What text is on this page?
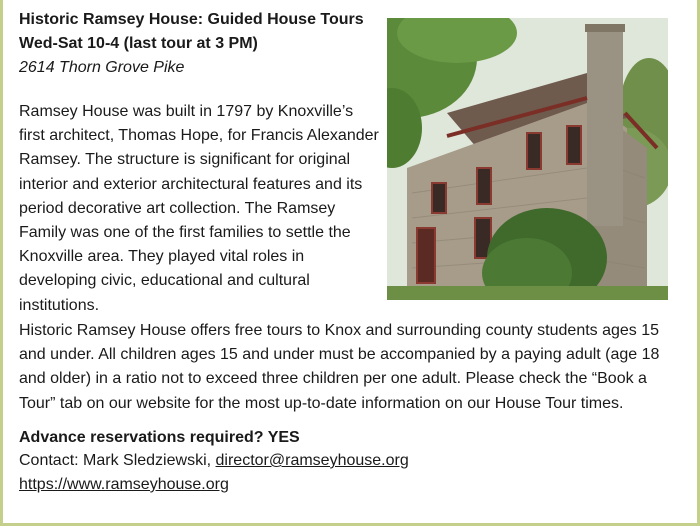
Historic Ramsey House: Guided House Tours
Wed-Sat 10-4 (last tour at 3 PM)
2614 Thorn Grove Pike

Ramsey House was built in 1797 by Knoxville’s first architect, Thomas Hope, for Francis Alexander Ramsey. The structure is significant for original interior and exterior architectural features and its period decorative art collection. The Ramsey Family was one of the first families to settle the Knoxville area. They played vital roles in developing civic, educational and cultural institutions.

Historic Ramsey House offers free tours to Knox and surrounding county students ages 15 and under. All children ages 15 and under must be accompanied by a paying adult (age 18 and older) in a ratio not to exceed three children per one adult. Please check the “Book a Tour” tab on our website for the most up-to-date information on our House Tour times.

Advance reservations required? YES
Contact: Mark Sledziewski, director@ramseyhouse.org
https://www.ramseyhouse.org
